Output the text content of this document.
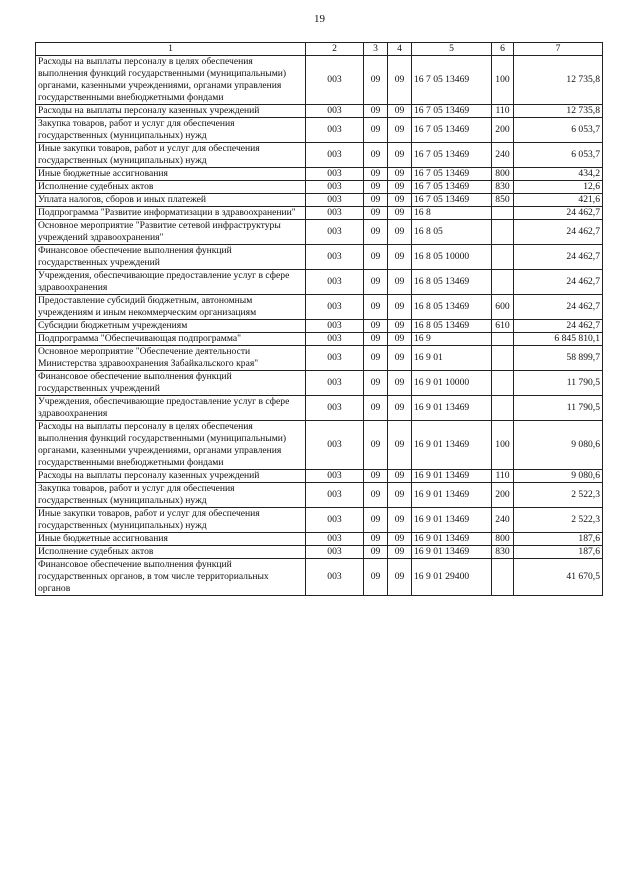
19
1	2	3	4	5	6	7
Расходы на выплаты персоналу в целях обеспечения выполнения функций государственными (муниципальными) органами, казенными учреждениями, органами управления государственными внебюджетными фондами	003	09	09	16 7 05 13469	100	12 735,8
Расходы на выплаты персоналу казенных учреждений	003	09	09	16 7 05 13469	110	12 735,8
Закупка товаров, работ и услуг для обеспечения государственных (муниципальных) нужд	003	09	09	16 7 05 13469	200	6 053,7
Иные закупки товаров, работ и услуг для обеспечения государственных (муниципальных) нужд	003	09	09	16 7 05 13469	240	6 053,7
Иные бюджетные ассигнования	003	09	09	16 7 05 13469	800	434,2
Исполнение судебных актов	003	09	09	16 7 05 13469	830	12,6
Уплата налогов, сборов и иных платежей	003	09	09	16 7 05 13469	850	421,6
Подпрограмма "Развитие информатизации в здравоохранении"	003	09	09	16 8		24 462,7
Основное мероприятие "Развитие сетевой инфраструктуры учреждений здравоохранения"	003	09	09	16 8 05		24 462,7
Финансовое обеспечение выполнения функций государственных учреждений	003	09	09	16 8 05 10000		24 462,7
Учреждения, обеспечивающие предоставление услуг в сфере здравоохранения	003	09	09	16 8 05 13469		24 462,7
Предоставление субсидий бюджетным, автономным учреждениям и иным некоммерческим организациям	003	09	09	16 8 05 13469	600	24 462,7
Субсидии бюджетным учреждениям	003	09	09	16 8 05 13469	610	24 462,7
Подпрограмма "Обеспечивающая подпрограмма"	003	09	09	16 9		6 845 810,1
Основное мероприятие "Обеспечение деятельности Министерства здравоохранения Забайкальского края"	003	09	09	16 9 01		58 899,7
Финансовое обеспечение выполнения функций государственных учреждений	003	09	09	16 9 01 10000		11 790,5
Учреждения, обеспечивающие предоставление услуг в сфере здравоохранения	003	09	09	16 9 01 13469		11 790,5
Расходы на выплаты персоналу в целях обеспечения выполнения функций государственными (муниципальными) органами, казенными учреждениями, органами управления государственными внебюджетными фондами	003	09	09	16 9 01 13469	100	9 080,6
Расходы на выплаты персоналу казенных учреждений	003	09	09	16 9 01 13469	110	9 080,6
Закупка товаров, работ и услуг для обеспечения государственных (муниципальных) нужд	003	09	09	16 9 01 13469	200	2 522,3
Иные закупки товаров, работ и услуг для обеспечения государственных (муниципальных) нужд	003	09	09	16 9 01 13469	240	2 522,3
Иные бюджетные ассигнования	003	09	09	16 9 01 13469	800	187,6
Исполнение судебных актов	003	09	09	16 9 01 13469	830	187,6
Финансовое обеспечение выполнения функций государственных органов, в том числе территориальных органов	003	09	09	16 9 01 29400		41 670,5
